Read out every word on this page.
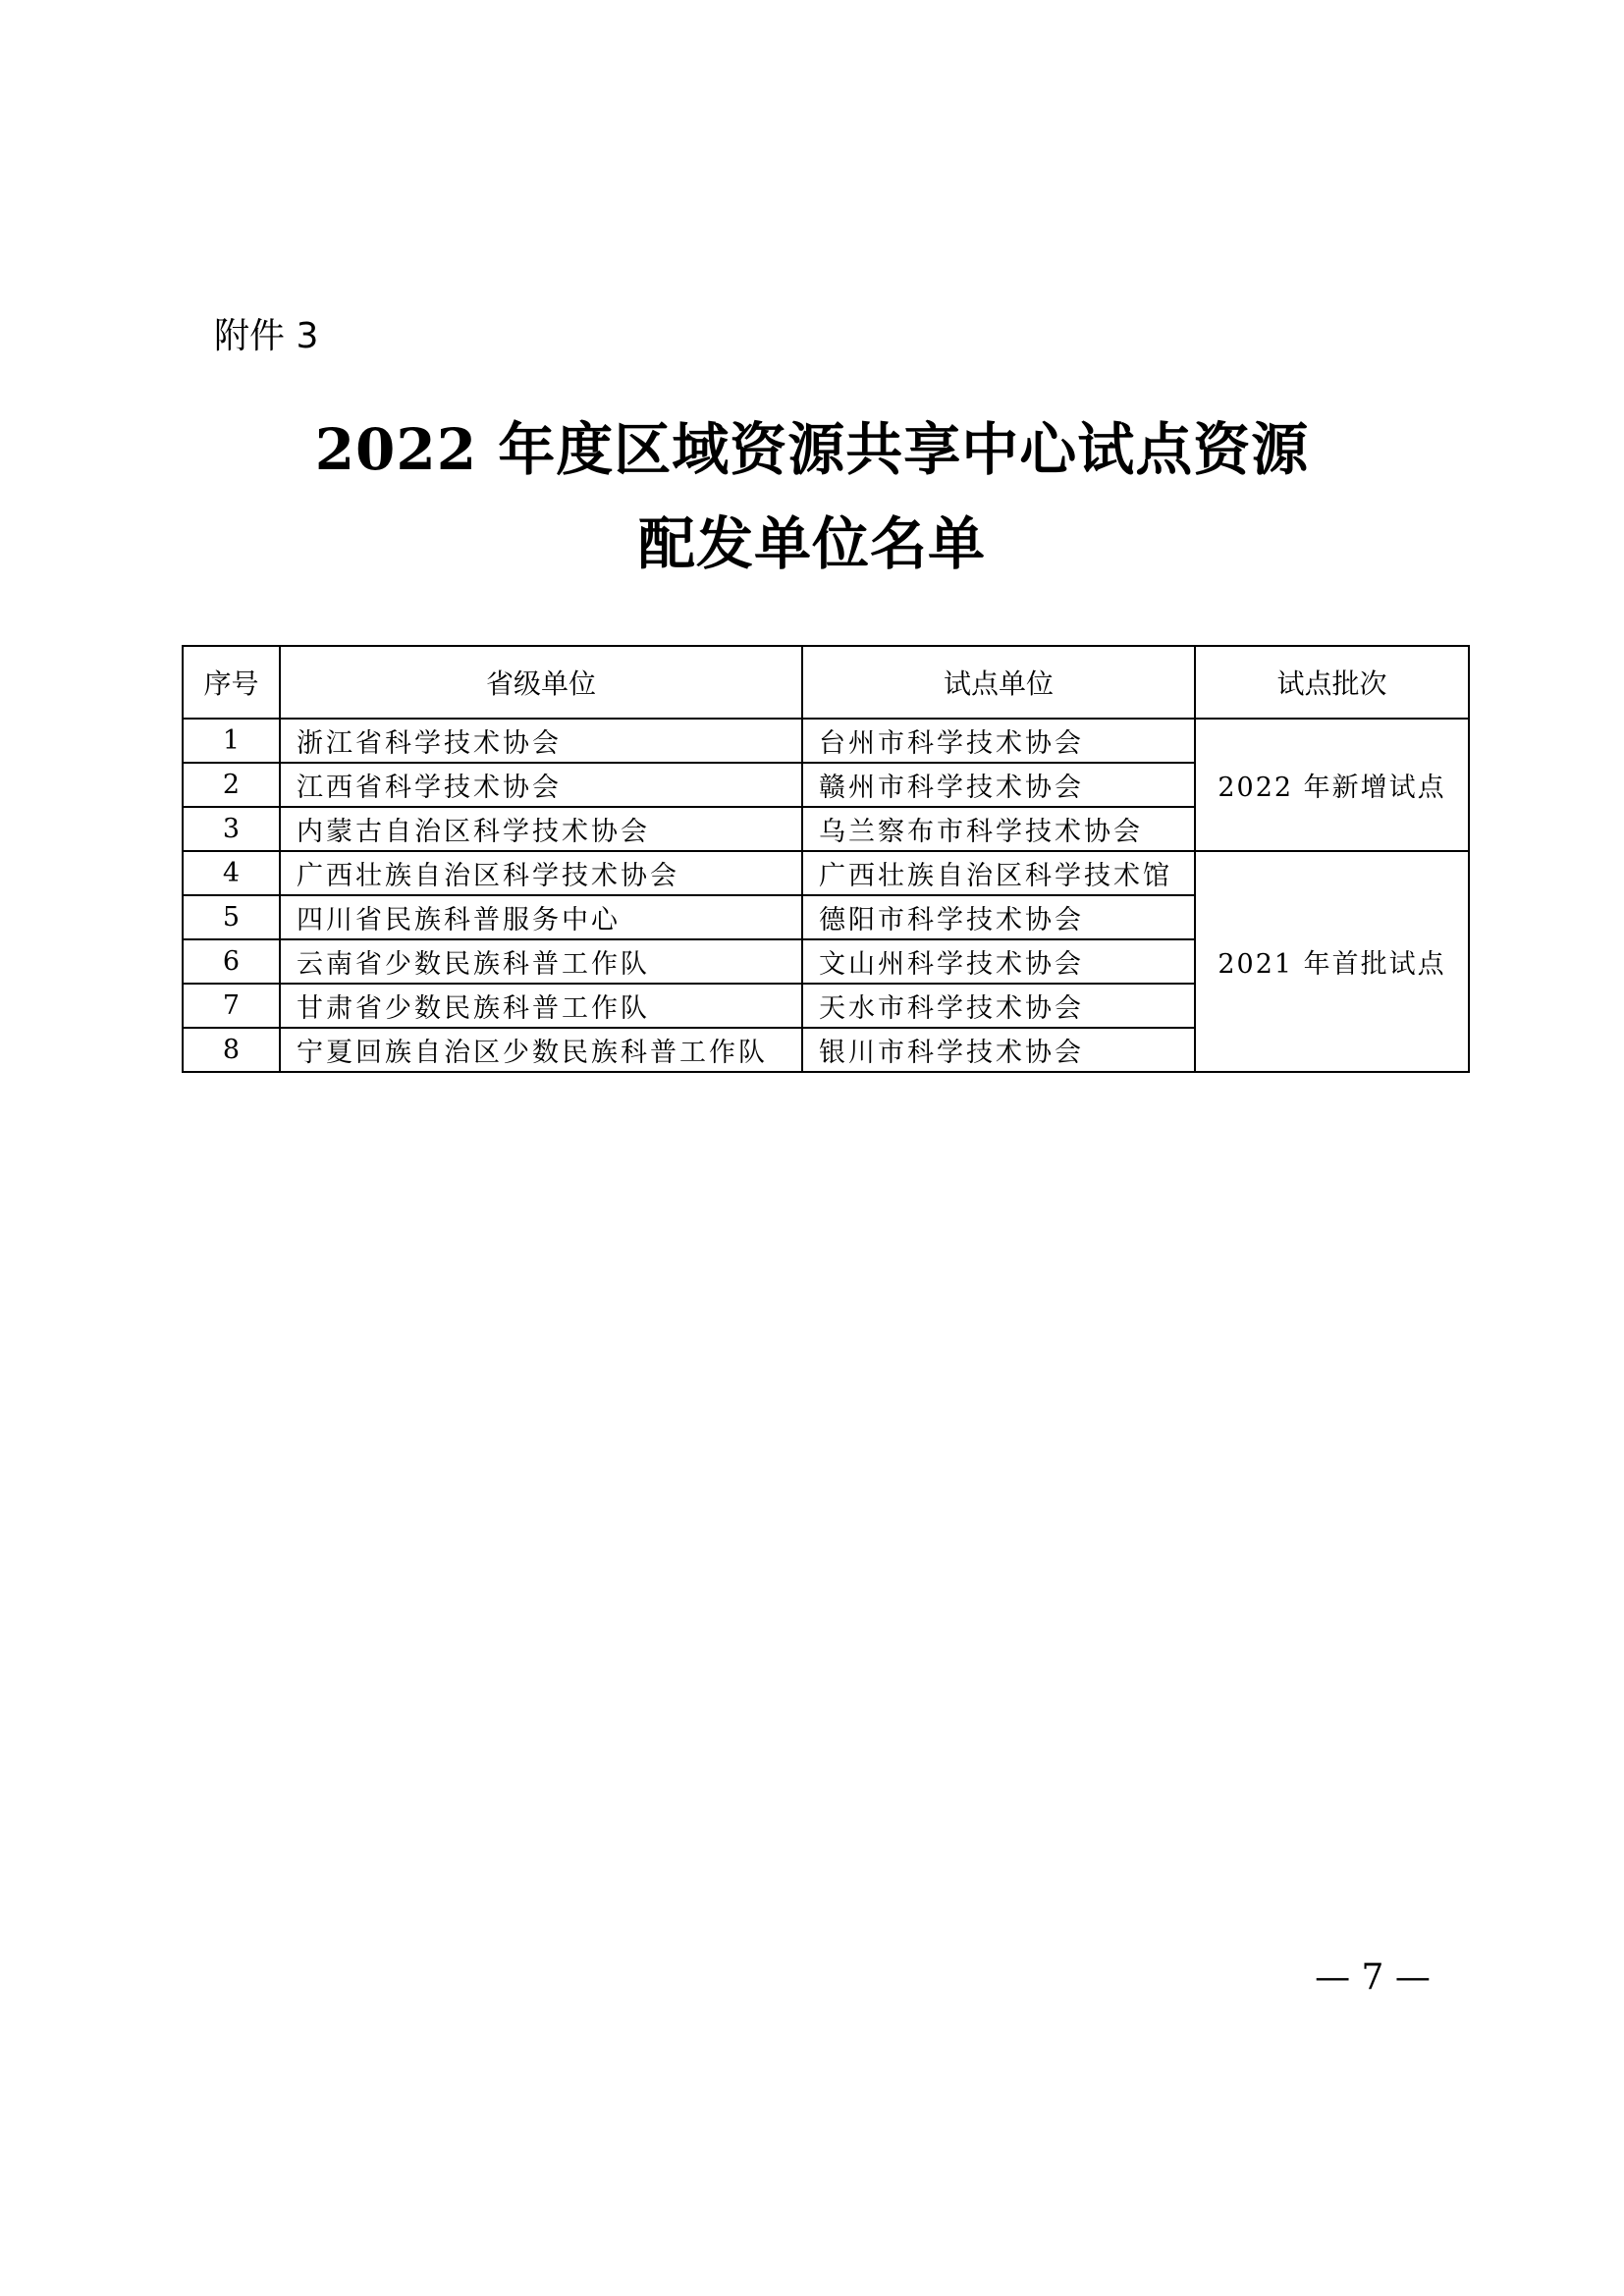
附件 3
2022 年度区域资源共享中心试点资源
配发单位名单
序号	省级单位	试点单位	试点批次
1	浙江省科学技术协会	台州市科学技术协会	2022 年新增试点
2	江西省科学技术协会	赣州市科学技术协会	
3	内蒙古自治区科学技术协会	乌兰察布市科学技术协会	
4	广西壮族自治区科学技术协会	广西壮族自治区科学技术馆	2021 年首批试点
5	四川省民族科普服务中心	德阳市科学技术协会	
6	云南省少数民族科普工作队	文山州科学技术协会	
7	甘肃省少数民族科普工作队	天水市科学技术协会	
8	宁夏回族自治区少数民族科普工作队	银川市科学技术协会	
— 7 —
